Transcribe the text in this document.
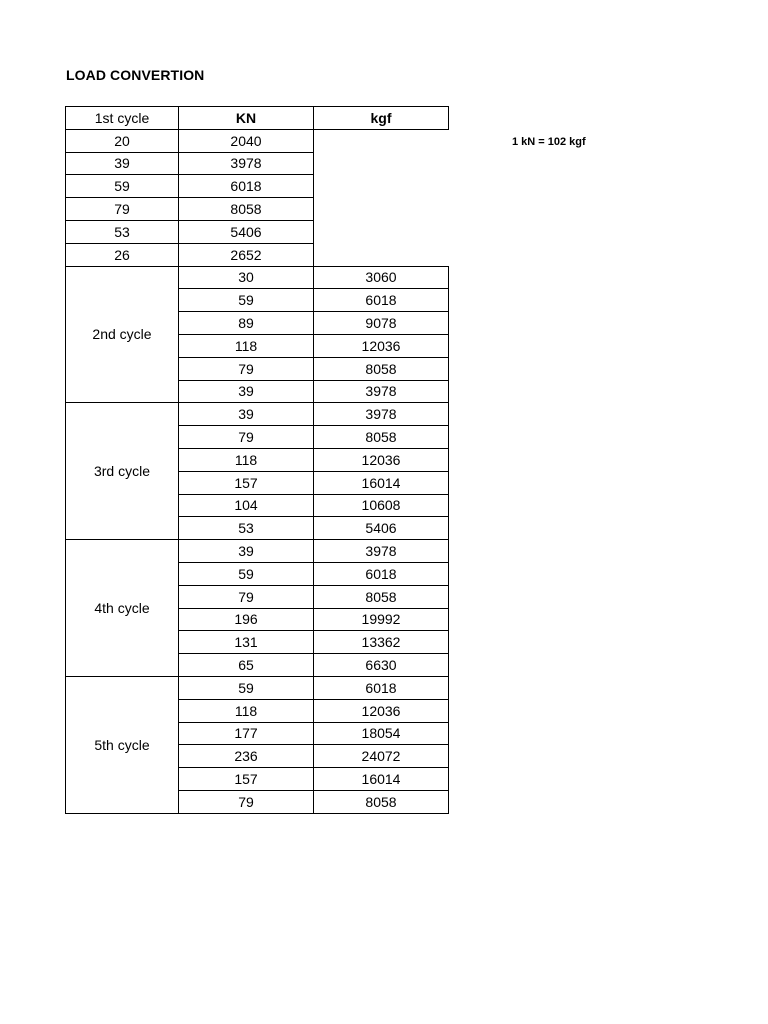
LOAD CONVERTION
1st cycle	KN	kgf
20	2040	
39	3978	
59	6018	
79	8058	
53	5406	
26	2652	
2nd cycle	30	3060
	59	6018
	89	9078
	118	12036
	79	8058
	39	3978
3rd cycle	39	3978
	79	8058
	118	12036
	157	16014
	104	10608
	53	5406
4th cycle	39	3978
	59	6018
	79	8058
	196	19992
	131	13362
	65	6630
5th cycle	59	6018
	118	12036
	177	18054
	236	24072
	157	16014
	79	8058
1 kN = 102 kgf
